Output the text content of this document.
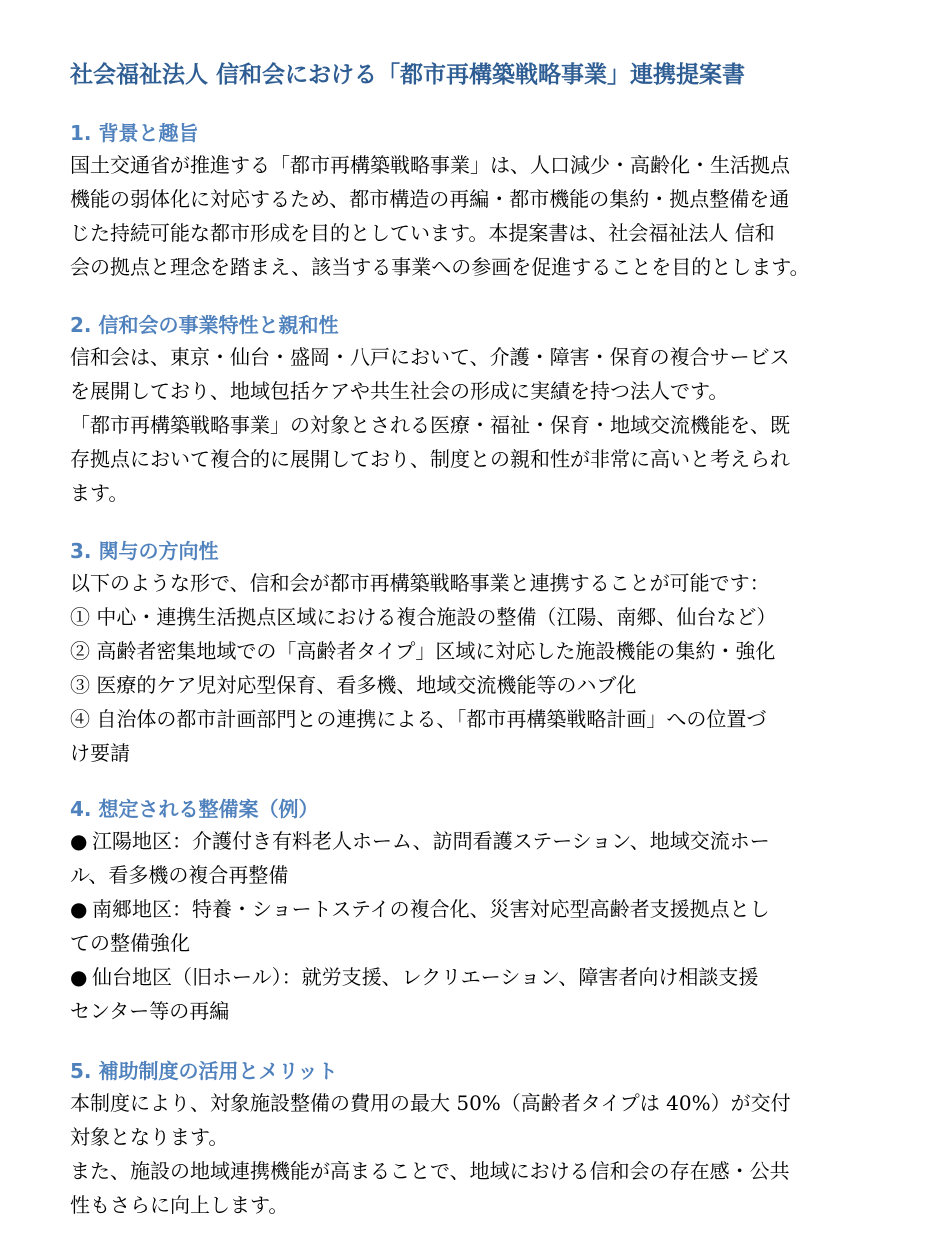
社会福祉法人 信和会における「都市再構築戦略事業」連携提案書
1. 背景と趣旨
国土交通省が推進する「都市再構築戦略事業」は、人口減少・高齢化・生活拠点
機能の弱体化に対応するため、都市構造の再編・都市機能の集約・拠点整備を通
じた持続可能な都市形成を目的としています。本提案書は、社会福祉法人 信和
会の拠点と理念を踏まえ、該当する事業への参画を促進することを目的とします。
2. 信和会の事業特性と親和性
信和会は、東京・仙台・盛岡・八戸において、介護・障害・保育の複合サービス
を展開しており、地域包括ケアや共生社会の形成に実績を持つ法人です。
「都市再構築戦略事業」の対象とされる医療・福祉・保育・地域交流機能を、既
存拠点において複合的に展開しており、制度との親和性が非常に高いと考えられ
ます。
3. 関与の方向性
以下のような形で、信和会が都市再構築戦略事業と連携することが可能です：
① 中心・連携生活拠点区域における複合施設の整備（江陽、南郷、仙台など）
② 高齢者密集地域での「高齢者タイプ」区域に対応した施設機能の集約・強化
③ 医療的ケア児対応型保育、看多機、地域交流機能等のハブ化
④ 自治体の都市計画部門との連携による、「都市再構築戦略計画」への位置づ
け要請
4. 想定される整備案（例）
● 江陽地区：介護付き有料老人ホーム、訪問看護ステーション、地域交流ホー
ル、看多機の複合再整備
● 南郷地区：特養・ショートステイの複合化、災害対応型高齢者支援拠点とし
ての整備強化
● 仙台地区（旧ホール）：就労支援、レクリエーション、障害者向け相談支援
センター等の再編
5. 補助制度の活用とメリット
本制度により、対象施設整備の費用の最大 50%（高齢者タイプは 40%）が交付
対象となります。
また、施設の地域連携機能が高まることで、地域における信和会の存在感・公共
性もさらに向上します。
